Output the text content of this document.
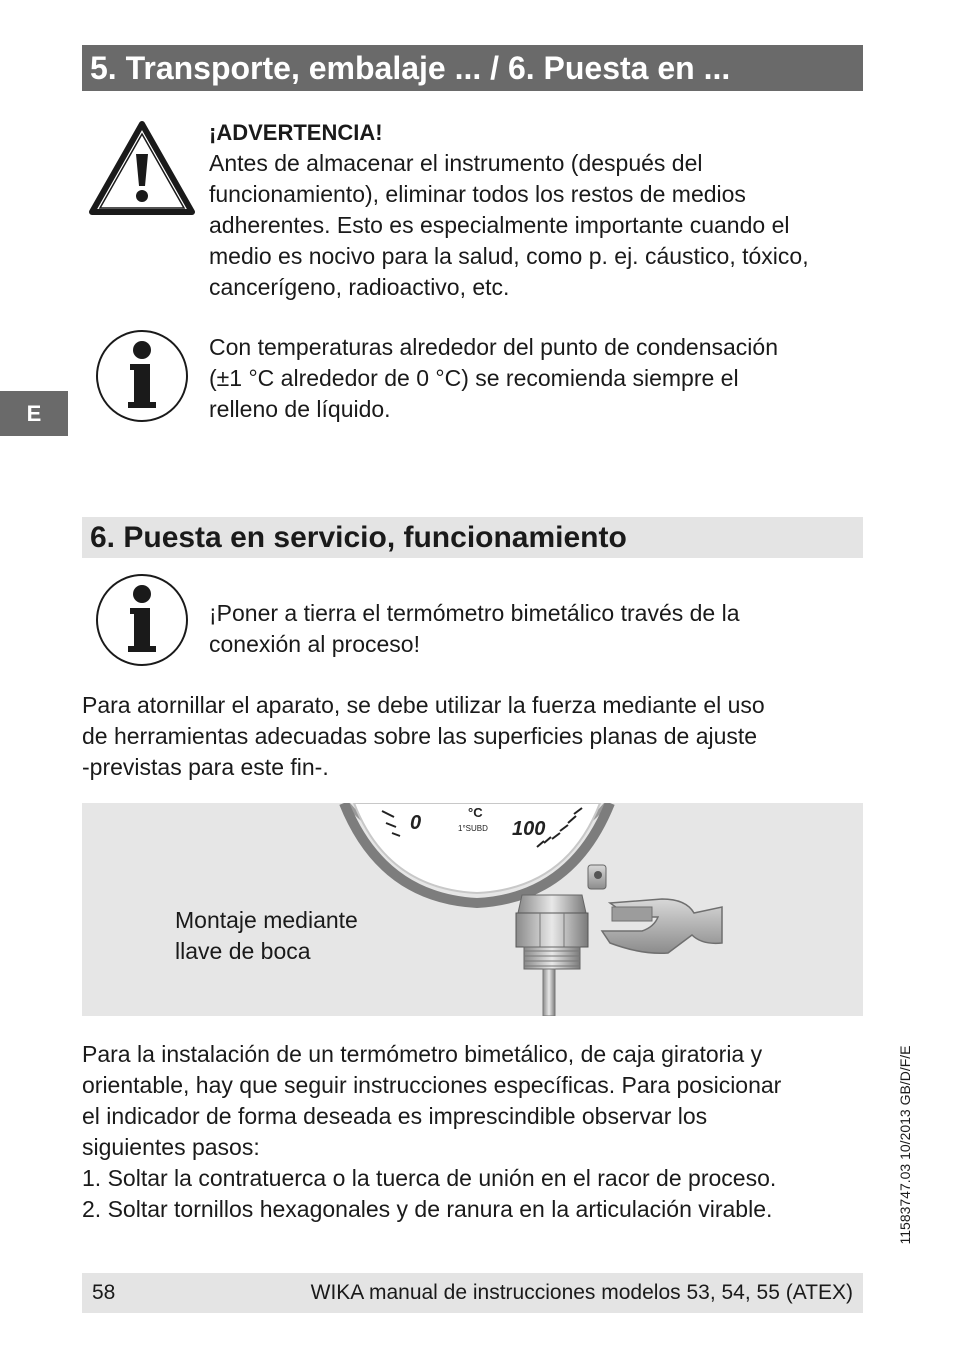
5. Transporte, embalaje ... / 6. Puesta en ...
¡ADVERTENCIA!
Antes de almacenar el instrumento (después del
funcionamiento), eliminar todos los restos de medios
adherentes. Esto es especialmente importante cuando el
medio es nocivo para la salud, como p. ej. cáustico, tóxico,
cancerígeno, radioactivo, etc.
E
Con temperaturas alrededor del punto de condensación
(±1 °C alrededor de 0 °C) se recomienda siempre el
relleno de líquido.
6. Puesta en servicio, funcionamiento
¡Poner a tierra el termómetro bimetálico través de la
conexión al proceso!
Para atornillar el aparato, se debe utilizar la fuerza mediante el uso
de herramientas adecuadas sobre las superficies planas de ajuste
-previstas para este fin-.
0	°C
1°SUBD 100
Montaje mediante
llave de boca
Para la instalación de un termómetro bimetálico, de caja giratoria y
orientable, hay que seguir instrucciones específicas. Para posicionar
el indicador de forma deseada es imprescindible observar los
siguientes pasos:
1. Soltar la contratuerca o la tuerca de unión en el racor de proceso.
2. Soltar tornillos hexagonales y de ranura en la articulación virable.	11583747.03 10/2013 GB/D/F/E
58	WIKA manual de instrucciones modelos 53, 54, 55 (ATEX)
